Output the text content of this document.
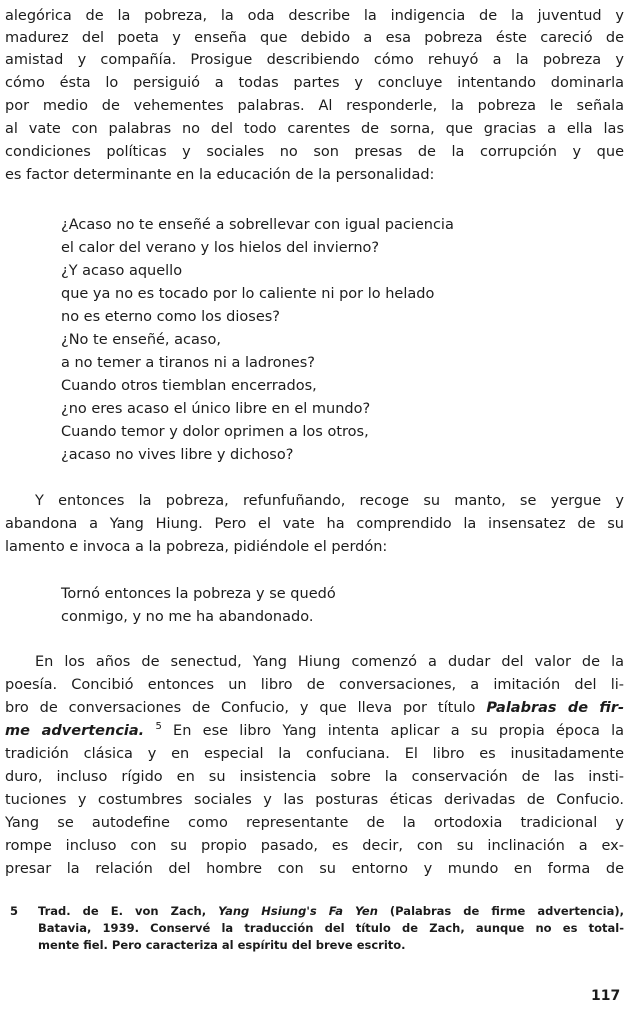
alegórica de la pobreza, la oda describe la indigencia de la juventud y
madurez del poeta y enseña que debido a esa pobreza éste careció de
amistad y compañía. Prosigue describiendo cómo rehuyó a la pobreza y
cómo ésta lo persiguió a todas partes y concluye intentando dominarla
por medio de vehementes palabras. Al responderle, la pobreza le señala
al vate con palabras no del todo carentes de sorna, que gracias a ella las
condiciones políticas y sociales no son presas de la corrupción y que
es factor determinante en la educación de la personalidad:
¿Acaso no te enseñé a sobrellevar con igual paciencia
el calor del verano y los hielos del invierno?
¿Y acaso aquello
que ya no es tocado por lo caliente ni por lo helado
no es eterno como los dioses?
¿No te enseñé, acaso,
a no temer a tiranos ni a ladrones?
Cuando otros tiemblan encerrados,
¿no eres acaso el único libre en el mundo?
Cuando temor y dolor oprimen a los otros,
¿acaso no vives libre y dichoso?
Y entonces la pobreza, refunfuñando, recoge su manto, se yergue y
abandona a Yang Hiung. Pero el vate ha comprendido la insensatez de su
lamento e invoca a la pobreza, pidiéndole el perdón:
Tornó entonces la pobreza y se quedó
conmigo, y no me ha abandonado.
En los años de senectud, Yang Hiung comenzó a dudar del valor de la
poesía. Concibió entonces un libro de conversaciones, a imitación del li-
bro de conversaciones de Confucio, y que lleva por título Palabras de fir-
me advertencia. $^5$ En ese libro Yang intenta aplicar a su propia época la
tradición clásica y en especial la confuciana. El libro es inusitadamente
duro, incluso rígido en su insistencia sobre la conservación de las insti-
tuciones y costumbres sociales y las posturas éticas derivadas de Confucio.
Yang se autodefine como representante de la ortodoxia tradicional y
rompe incluso con su propio pasado, es decir, con su inclinación a ex-
presar la relación del hombre con su entorno y mundo en forma de
5 Trad. de E. von Zach, Yang Hsiung's Fa Yen (Palabras de firme advertencia),
Batavia, 1939. Conservé la traducción del título de Zach, aunque no es total-
mente fiel. Pero caracteriza al espíritu del breve escrito.
117
